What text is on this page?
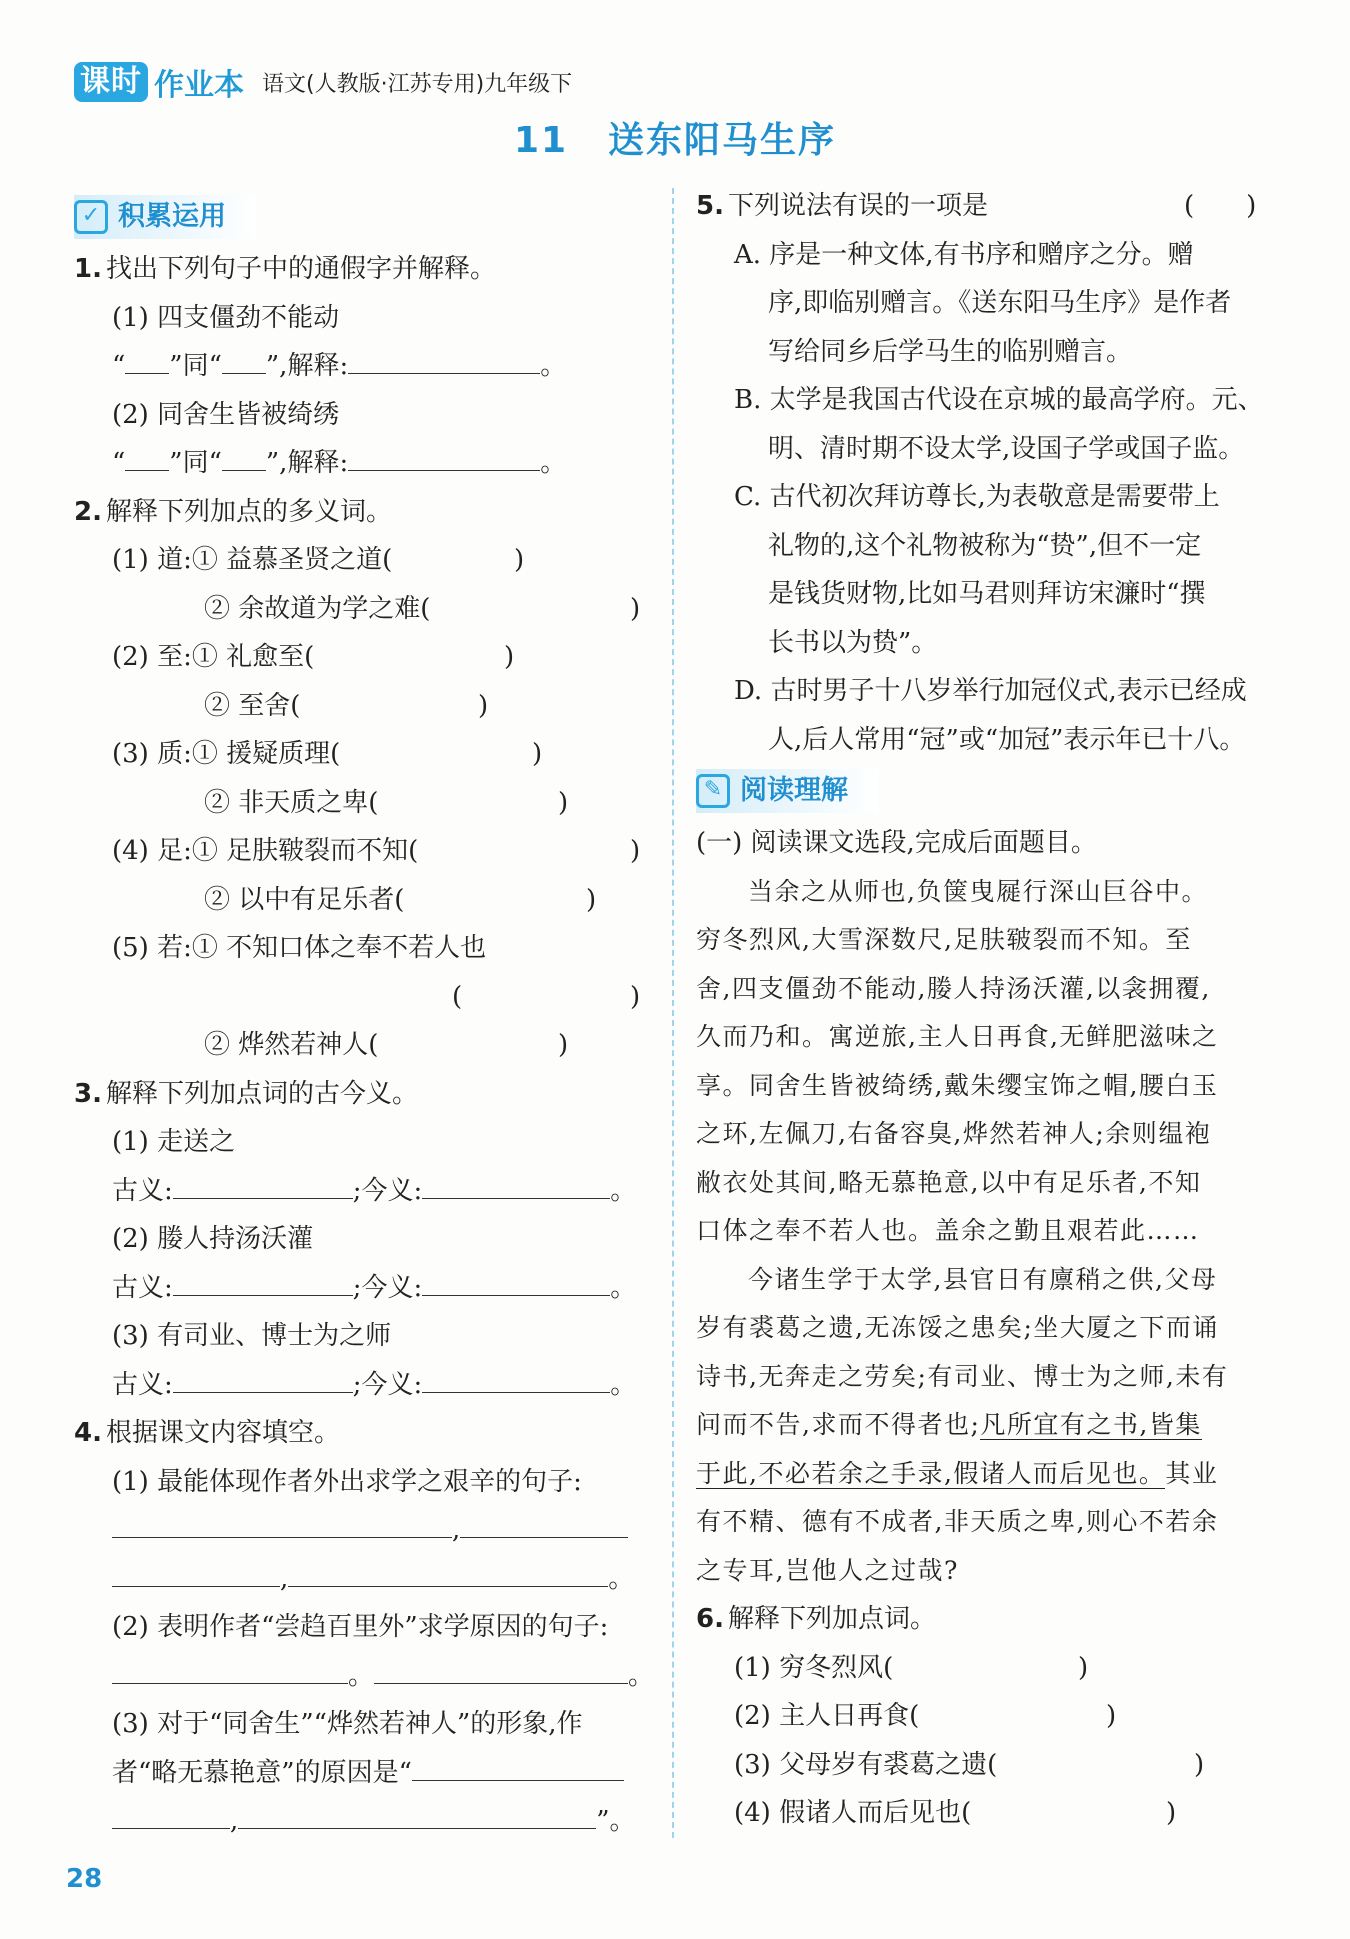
课时 作业本 语文(人教版·江苏专用)九年级下
11 送东阳马生序
✓ 积累运用
1. 找出下列句子中的通假字并解释。
(1) 四支僵劲不能动
“ ”同“ ”,解释:	。
(2) 同舍生皆被绮绣
“ ”同“ ”,解释:	。
2. 解释下列加点的多义词。
(1) 道:① 益慕圣贤之道(	)
② 余故道为学之难(	)
(2) 至:① 礼愈至(	)
② 至舍(	)
(3) 质:① 援疑质理(	)
② 非天质之卑(	)
(4) 足:① 足肤皲裂而不知(	)
② 以中有足乐者(	)
(5) 若:① 不知口体之奉不若人也
(	)

② 烨然若神人(	)
3. 解释下列加点词的古今义。
(1) 走送之
古义:	;今义:	。
(2) 媵人持汤沃灌
古义:	;今义:	。
(3) 有司业、博士为之师
古义:	;今义:	。
4. 根据课文内容填空。
(1) 最能体现作者外出求学之艰辛的句子:
,
,	。
(2) 表明作者“尝趋百里外”求学原因的句子:
。	。
(3) 对于“同舍生”“烨然若神人”的形象,作
者“略无慕艳意”的原因是“
,	”。
5. 下列说法有误的一项是	(　　)
A. 序是一种文体,有书序和赠序之分。赠
序,即临别赠言。《送东阳马生序》是作者
写给同乡后学马生的临别赠言。
B. 太学是我国古代设在京城的最高学府。元、
明、清时期不设太学,设国子学或国子监。
C. 古代初次拜访尊长,为表敬意是需要带上
礼物的,这个礼物被称为“贽”,但不一定
是钱货财物,比如马君则拜访宋濂时“撰
长书以为贽”。
D. 古时男子十八岁举行加冠仪式,表示已经成
人,后人常用“冠”或“加冠”表示年已十八。
✎ 阅读理解
(一) 阅读课文选段,完成后面题目。
当余之从师也,负箧曳屣行深山巨谷中。
穷冬烈风,大雪深数尺,足肤皲裂而不知。至
舍,四支僵劲不能动,媵人持汤沃灌,以衾拥覆,
久而乃和。寓逆旅,主人日再食,无鲜肥滋味之
享。同舍生皆被绮绣,戴朱缨宝饰之帽,腰白玉
之环,左佩刀,右备容臭,烨然若神人;余则缊袍
敝衣处其间,略无慕艳意,以中有足乐者,不知
口体之奉不若人也。盖余之勤且艰若此……
今诸生学于太学,县官日有廪稍之供,父母
岁有裘葛之遗,无冻馁之患矣;坐大厦之下而诵
诗书,无奔走之劳矣;有司业、博士为之师,未有
问而不告,求而不得者也;凡所宜有之书,皆集
于此,不必若余之手录,假诸人而后见也。其业
有不精、德有不成者,非天质之卑,则心不若余
之专耳,岂他人之过哉?
6. 解释下列加点词。
(1) 穷冬烈风(	)
(2) 主人日再食(	)
(3) 父母岁有裘葛之遗(	)
(4) 假诸人而后见也(	)
28
